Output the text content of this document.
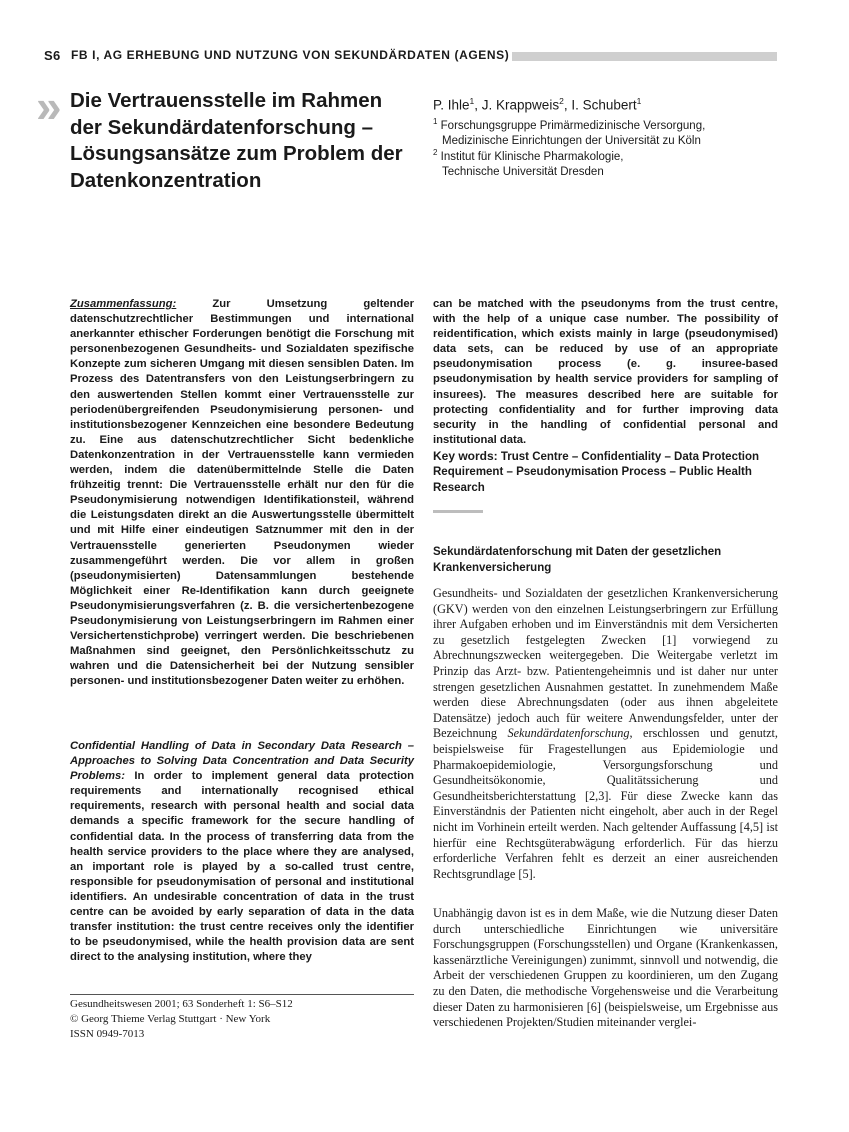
S6 FB I, AG ERHEBUNG UND NUTZUNG VON SEKUNDÄRDATEN (AGENS)
» Die Vertrauensstelle im Rahmen der Sekundärdatenforschung – Lösungsansätze zum Problem der Datenkonzentration
P. Ihle$^1$, J. Krappweis$^2$, I. Schubert$^1$
$^1$ Forschungsgruppe Primärmedizinische Versorgung,
Medizinische Einrichtungen der Universität zu Köln
$^2$ Institut für Klinische Pharmakologie,
Technische Universität Dresden

Zusammenfassung:	Zur Umsetzung geltender datenschutzrechtlicher Bestimmungen und international anerkannter ethischer Forderungen benötigt die Forschung mit personenbezogenen Gesundheits- und Sozialdaten spezifische Konzepte zum sicheren Umgang mit diesen sensiblen Daten. Im Prozess des Datentransfers von den Leistungserbringern zu den auswertenden Stellen kommt einer Vertrauensstelle zur periodenübergreifenden Pseudonymisierung personen- und institutionsbezogener Kennzeichen eine besondere Bedeutung zu. Eine aus datenschutzrechtlicher Sicht bedenkliche Datenkonzentration in der Vertrauensstelle kann vermieden werden, indem die datenübermittelnde Stelle die Daten frühzeitig trennt: Die Vertrauensstelle erhält nur den für die Pseudonymisierung notwendigen Identifikationsteil, während die Leistungsdaten direkt an die Auswertungsstelle übermittelt und mit Hilfe einer eindeutigen Satznummer mit den in der Vertrauensstelle generierten Pseudonymen wieder zusammengeführt werden. Die vor allem in großen (pseudonymisierten) Datensammlungen bestehende Möglichkeit einer Re-Identifikation kann durch geeignete Pseudonymisierungsverfahren (z. B. die versichertenbezogene Pseudonymisierung von Leistungserbringern im Rahmen einer Versichertenstichprobe) verringert werden. Die beschriebenen Maßnahmen sind geeignet, den Persönlichkeitsschutz zu wahren und die Datensicherheit bei der Nutzung sensibler personen- und institutionsbezogener Daten weiter zu erhöhen.

Confidential Handling of Data in Secondary Data Research – Approaches to Solving Data Concentration and Data Security Problems: In order to implement general data protection requirements and internationally recognised ethical requirements, research with personal health and social data demands a specific framework for the secure handling of confidential data. In the process of transferring data from the health service providers to the place where they are analysed, an important role is played by a so-called trust centre, responsible for pseudonymisation of personal and institutional identifiers. An undesirable concentration of data in the trust centre can be avoided by early separation of data in the data transfer institution: the trust centre receives only the identifier to be pseudonymised, while the health provision data are sent direct to the analysing institution, where they

can be matched with the pseudonyms from the trust centre, with the help of a unique case number. The possibility of reidentification, which exists mainly in large (pseudonymised) data sets, can be reduced by use of an appropriate pseudonymisation process (e. g. insuree-based pseudonymisation by health service providers for sampling of insurees). The measures described here are suitable for protecting confidentiality and for further improving data security in the handling of confidential personal and institutional data.

Key words: Trust Centre – Confidentiality – Data Protection Requirement – Pseudonymisation Process – Public Health Research

Sekundärdatenforschung mit Daten der gesetzlichen Krankenversicherung

Gesundheits- und Sozialdaten der gesetzlichen Krankenversicherung (GKV) werden von den einzelnen Leistungserbringern zur Erfüllung ihrer Aufgaben erhoben und im Einverständnis mit dem Versicherten zu gesetzlich festgelegten Zwecken [1] vorwiegend zu Abrechnungszwecken weitergegeben. Die Weitergabe verletzt im Prinzip das Arzt- bzw. Patientengeheimnis und ist daher nur unter strengen gesetzlichen Ausnahmen gestattet. In zunehmendem Maße werden diese Abrechnungsdaten (oder aus ihnen abgeleitete Datensätze) jedoch auch für weitere Anwendungsfelder, unter der Bezeichnung Sekundärdatenforschung, erschlossen und genutzt, beispielsweise für Fragestellungen aus Epidemiologie und Pharmakoepidemiologie, Versorgungsforschung und Gesundheitsökonomie, Qualitätssicherung und Gesundheitsberichterstattung [2,3]. Für diese Zwecke kann das Einverständnis der Patienten nicht eingeholt, aber auch in der Regel nicht im Vorhinein erteilt werden. Nach geltender Auffassung [4,5] ist hierfür eine Rechtsgüterabwägung erforderlich. Für das hierzu erforderliche Verfahren fehlt es derzeit an einer ausreichenden Rechtsgrundlage [5].

Unabhängig davon ist es in dem Maße, wie die Nutzung dieser Daten durch unterschiedliche Einrichtungen wie universitäre Forschungsgruppen (Forschungsstellen) und Organe (Krankenkassen, kassenärztliche Vereinigungen) zunimmt, sinnvoll und notwendig, die Arbeit der verschiedenen Gruppen zu koordinieren, um den Zugang zu den Daten, die methodische Vorgehensweise und die Verarbeitung dieser Daten zu harmonisieren [6] (beispielsweise, um Ergebnisse aus verschiedenen Projekten/Studien miteinander verglei-

Gesundheitswesen 2001; 63 Sonderheft 1: S6–S12
© Georg Thieme Verlag Stuttgart · New York
ISSN 0949-7013
